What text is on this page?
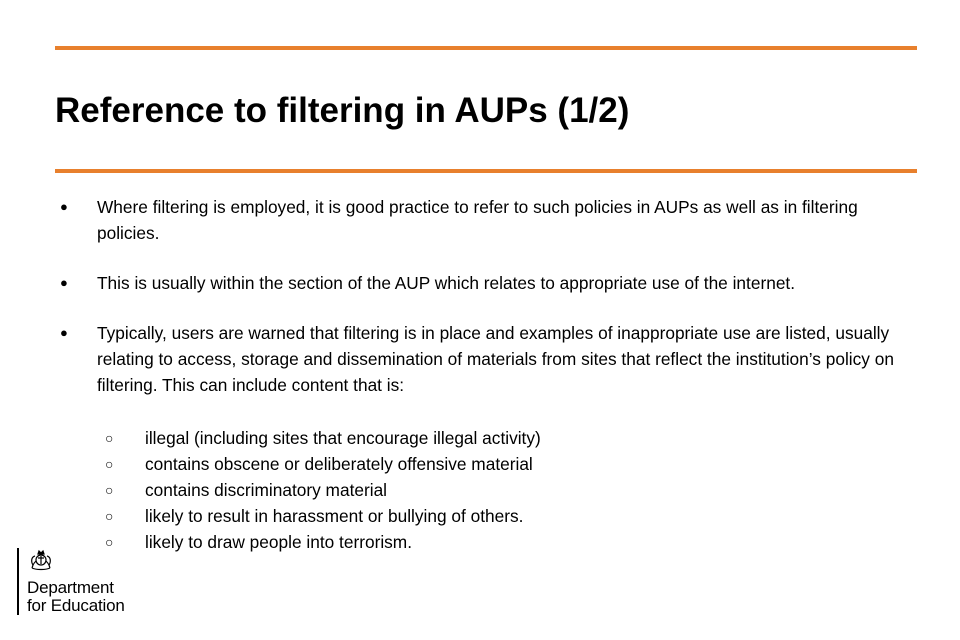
Reference to filtering in AUPs (1/2)
● Where filtering is employed, it is good practice to refer to such policies in AUPs as well as in filtering policies.
● This is usually within the section of the AUP which relates to appropriate use of the internet.
● Typically, users are warned that filtering is in place and examples of inappropriate use are listed, usually relating to access, storage and dissemination of materials from sites that reflect the institution’s policy on filtering. This can include content that is:
○ illegal (including sites that encourage illegal activity)
○ contains obscene or deliberately offensive material
○ contains discriminatory material
○ likely to result in harassment or bullying of others.
○ likely to draw people into terrorism.
Department
for Education
